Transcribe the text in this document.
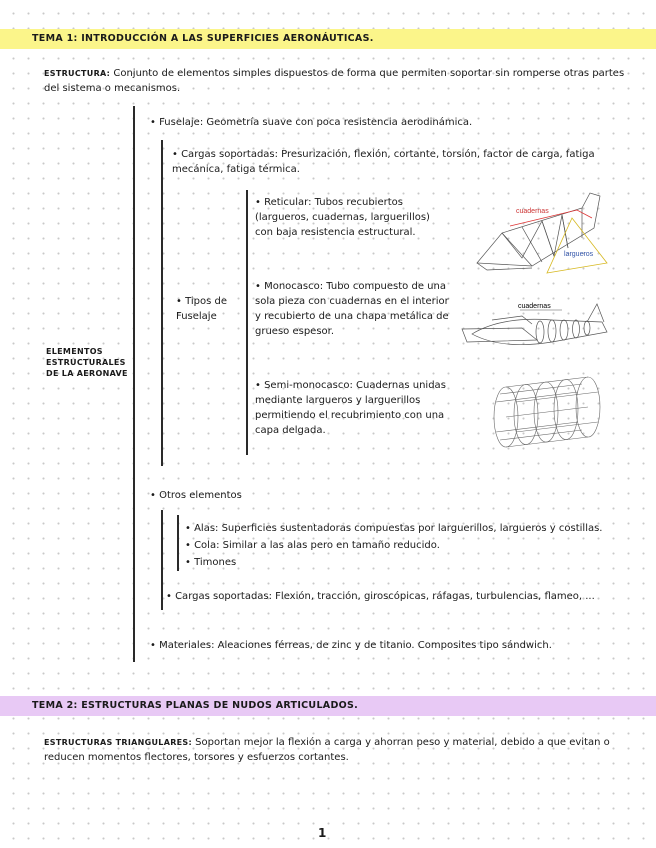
TEMA 1: INTRODUCCIÓN A LAS SUPERFICIES AERONÁUTICAS.
ESTRUCTURA: Conjunto de elementos simples dispuestos de forma que permiten soportar sin romperse otras partes del sistema o mecanismos.
ELEMENTOS ESTRUCTURALES DE LA AERONAVE
• Fuselaje: Geometría suave con poca resistencia aerodinámica.
• Cargas soportadas: Presurización, flexión, cortante, torsión, factor de carga, fatiga mecánica, fatiga térmica.
• Tipos de Fuselaje
• Reticular: Tubos recubiertos (largueros, cuadernas, larguerillos) con baja resistencia estructural.
• Monocasco: Tubo compuesto de una sola pieza con cuadernas en el interior y recubierto de una chapa metálica de grueso espesor.
• Semi-monocasco: Cuadernas unidas mediante largueros y larguerillos permitiendo el recubrimiento con una capa delgada.
cuadernas
largueros
cuadernas
• Otros elementos
• Alas: Superficies sustentadoras compuestas por larguerillos, largueros y costillas.
• Cola: Similar a las alas pero en tamaño reducido.
• Timones
• Cargas soportadas: Flexión, tracción, giroscópicas, ráfagas, turbulencias, flameo, ...
• Materiales: Aleaciones férreas, de zinc y de titanio. Composites tipo sándwich.
TEMA 2: ESTRUCTURAS PLANAS DE NUDOS ARTICULADOS.
ESTRUCTURAS TRIANGULARES: Soportan mejor la flexión a carga y ahorran peso y material, debido a que evitan o reducen momentos flectores, torsores y esfuerzos cortantes.
1
